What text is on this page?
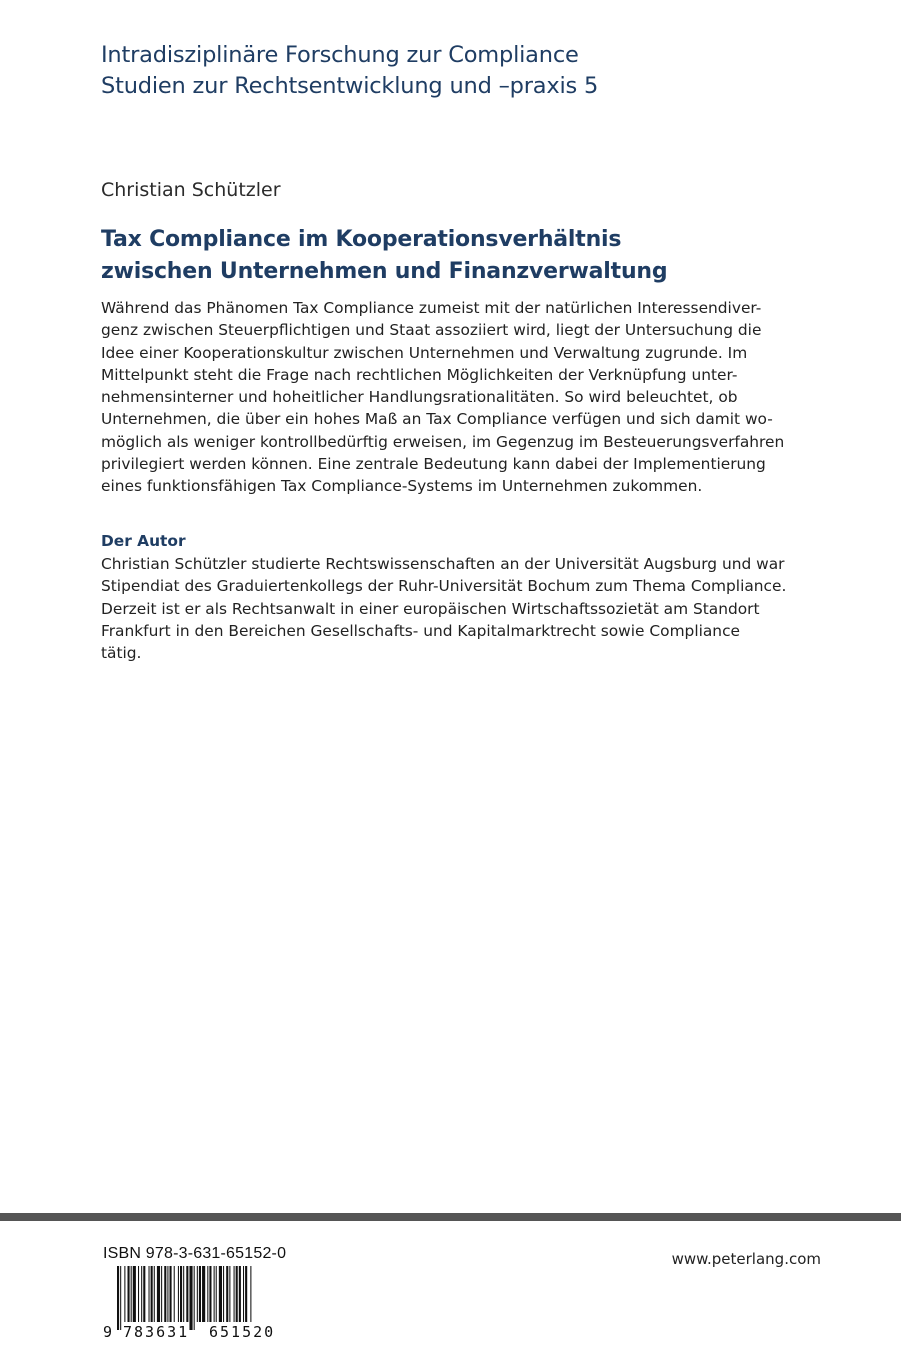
Intradisziplinäre Forschung zur Compliance
Studien zur Rechtsentwicklung und –praxis 5
Christian Schützler
Tax Compliance im Kooperationsverhältnis
zwischen Unternehmen und Finanzverwaltung
Während das Phänomen Tax Compliance zumeist mit der natürlichen Interessendiver-
genz zwischen Steuerpflichtigen und Staat assoziiert wird, liegt der Untersuchung die
Idee einer Kooperationskultur zwischen Unternehmen und Verwaltung zugrunde. Im
Mittelpunkt steht die Frage nach rechtlichen Möglichkeiten der Verknüpfung unter-
nehmensinterner und hoheitlicher Handlungsrationalitäten. So wird beleuchtet, ob
Unternehmen, die über ein hohes Maß an Tax Compliance verfügen und sich damit wo-
möglich als weniger kontrollbedürftig erweisen, im Gegenzug im Besteuerungsverfahren
privilegiert werden können. Eine zentrale Bedeutung kann dabei der Implementierung
eines funktionsfähigen Tax Compliance-Systems im Unternehmen zukommen.
Der Autor
Christian Schützler studierte Rechtswissenschaften an der Universität Augsburg und war
Stipendiat des Graduiertenkollegs der Ruhr-Universität Bochum zum Thema Compliance.
Derzeit ist er als Rechtsanwalt in einer europäischen Wirtschaftssozietät am Standort
Frankfurt in den Bereichen Gesellschafts- und Kapitalmarktrecht sowie Compliance
tätig.
ISBN 978-3-631-65152-0
9 783631 651520
www.peterlang.com
